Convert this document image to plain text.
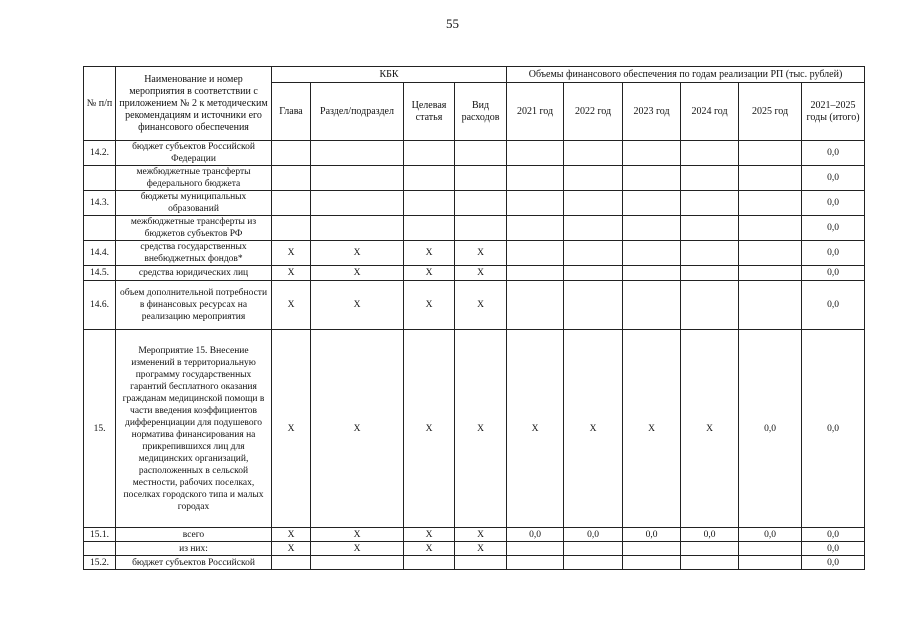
55
№ п/п	Наименование и номер мероприятия в соответствии с приложением № 2 к методическим рекомендациям и источники его финансового обеспечения	КБК				Объемы финансового обеспечения по годам реализации РП (тыс. рублей)					
		Глава	Раздел/подраздел	Целевая статья	Вид расходов	2021 год	2022 год	2023 год	2024 год	2025 год	2021–2025 годы (итого)
14.2.	бюджет субъектов Российской Федерации										0,0
	межбюджетные трансферты федерального бюджета										0,0
14.3.	бюджеты муниципальных образований										0,0
	межбюджетные трансферты из бюджетов субъектов РФ										0,0
14.4.	средства государственных внебюджетных фондов*	X	X	X	X						0,0
14.5.	средства юридических лиц	X	X	X	X						0,0
14.6.	объем дополнительной потребности в финансовых ресурсах на реализацию мероприятия	X	X	X	X						0,0
15.	Мероприятие 15. Внесение изменений в территориальную программу государственных гарантий бесплатного оказания гражданам медицинской помощи в части введения коэффициентов дифференциации для подушевого норматива финансирования на прикрепившихся лиц для медицинских организаций, расположенных в сельской местности, рабочих поселках, поселках городского типа и малых городах	X	X	X	X	X	X	X	X	0,0	0,0
15.1.	всего	X	X	X	X	0,0	0,0	0,0	0,0	0,0	0,0
	из них:	X	X	X	X						0,0
15.2.	бюджет субъектов Российской										0,0
